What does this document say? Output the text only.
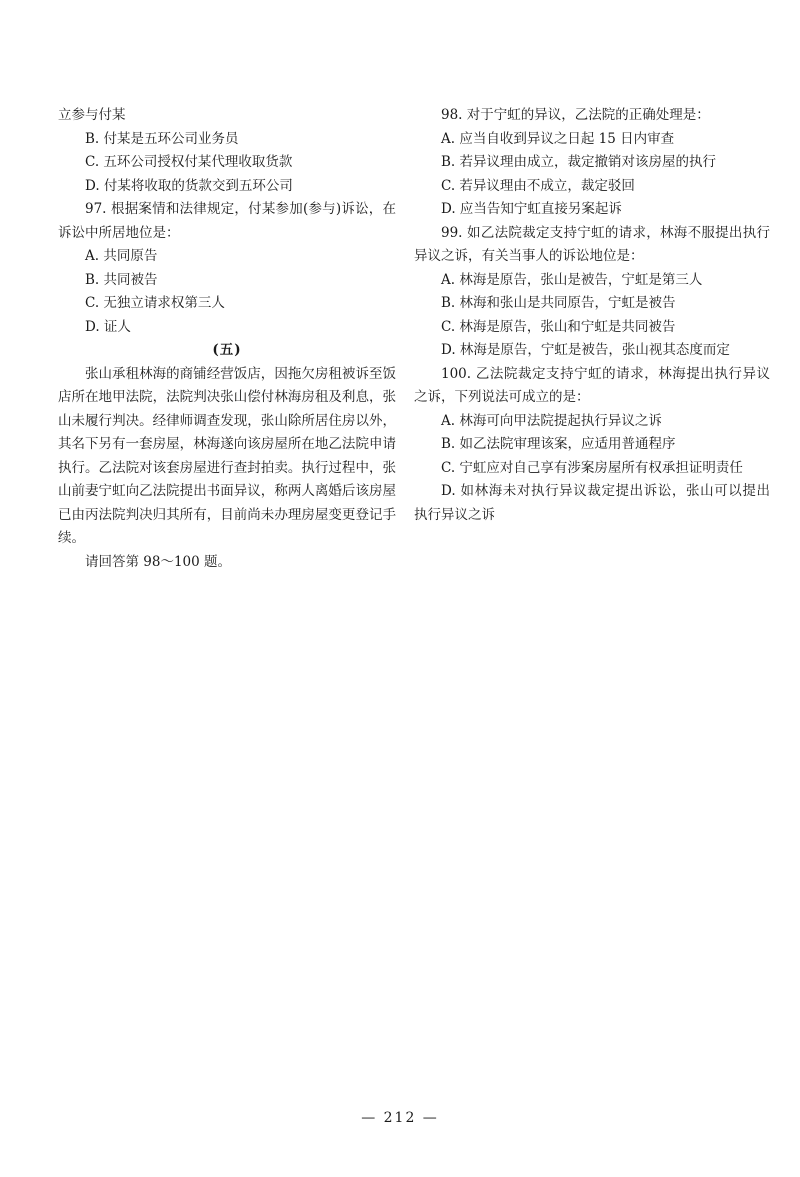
立参与付某

B. 付某是五环公司业务员

C. 五环公司授权付某代理收取货款

D. 付某将收取的货款交到五环公司

97. 根据案情和法律规定，付某参加(参与)诉讼，在诉讼中所居地位是：

A. 共同原告

B. 共同被告

C. 无独立请求权第三人

D. 证人

(五)

张山承租林海的商铺经营饭店，因拖欠房租被诉至饭店所在地甲法院，法院判决张山偿付林海房租及利息，张山未履行判决。经律师调查发现，张山除所居住房以外，其名下另有一套房屋，林海遂向该房屋所在地乙法院申请执行。乙法院对该套房屋进行查封拍卖。执行过程中，张山前妻宁虹向乙法院提出书面异议，称两人离婚后该房屋已由丙法院判决归其所有，目前尚未办理房屋变更登记手续。

请回答第 98～100 题。

98. 对于宁虹的异议，乙法院的正确处理是：

A. 应当自收到异议之日起 15 日内审查

B. 若异议理由成立，裁定撤销对该房屋的执行

C. 若异议理由不成立，裁定驳回

D. 应当告知宁虹直接另案起诉

99. 如乙法院裁定支持宁虹的请求，林海不服提出执行异议之诉，有关当事人的诉讼地位是：

A. 林海是原告，张山是被告，宁虹是第三人

B. 林海和张山是共同原告，宁虹是被告

C. 林海是原告，张山和宁虹是共同被告

D. 林海是原告，宁虹是被告，张山视其态度而定

100. 乙法院裁定支持宁虹的请求，林海提出执行异议之诉，下列说法可成立的是：

A. 林海可向甲法院提起执行异议之诉

B. 如乙法院审理该案，应适用普通程序

C. 宁虹应对自己享有涉案房屋所有权承担证明责任

D. 如林海未对执行异议裁定提出诉讼，张山可以提出执行异议之诉

— 212 —
